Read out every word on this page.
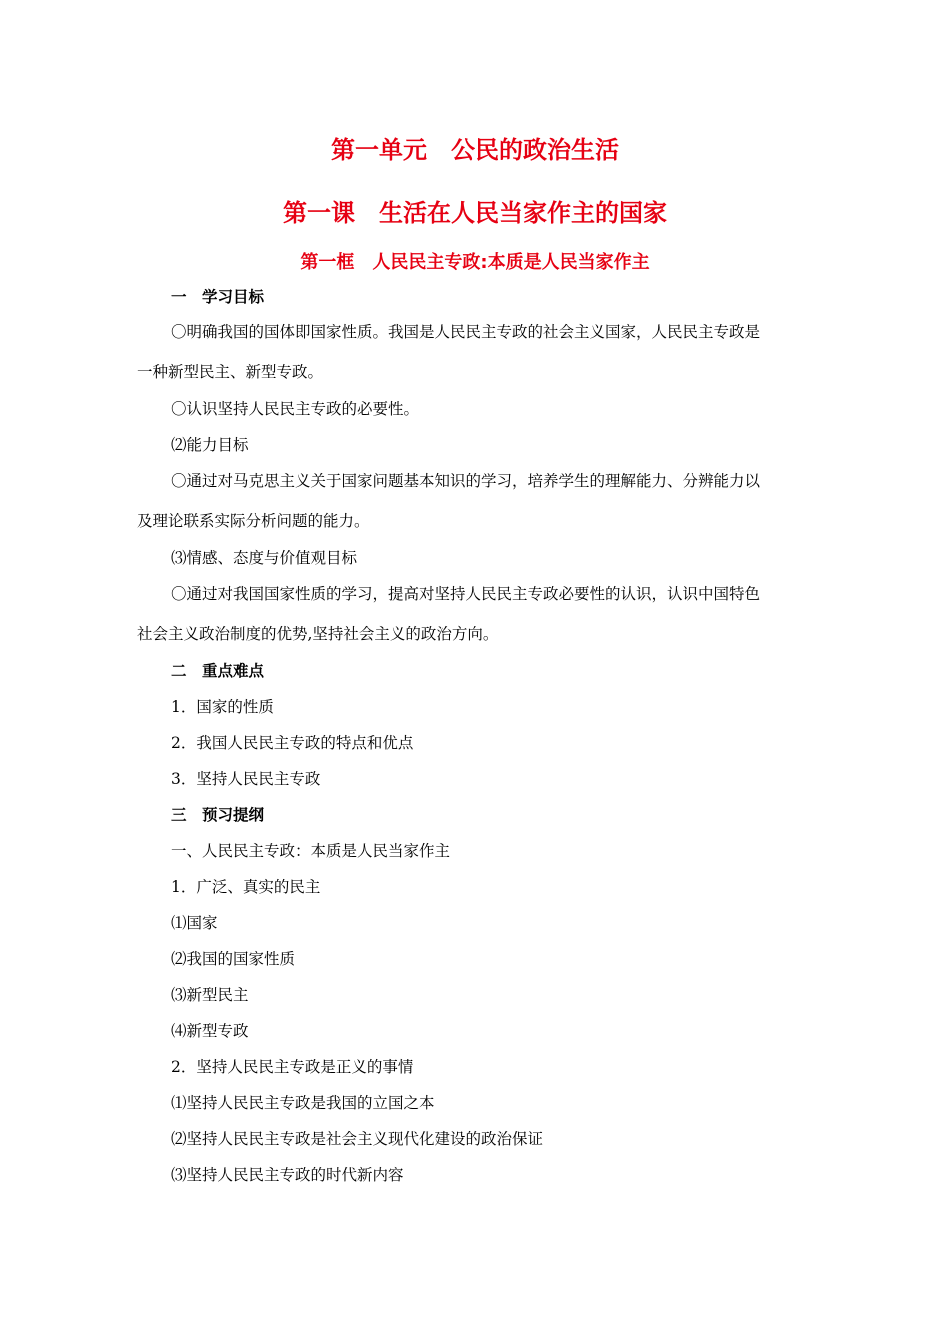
第一单元　公民的政治生活
第一课　生活在人民当家作主的国家
第一框　人民民主专政:本质是人民当家作主

一　学习目标

〇明确我国的国体即国家性质。我国是人民民主专政的社会主义国家，人民民主专政是

一种新型民主、新型专政。

〇认识坚持人民民主专政的必要性。

⑵能力目标

〇通过对马克思主义关于国家问题基本知识的学习，培养学生的理解能力、分辨能力以

及理论联系实际分析问题的能力。

⑶情感、态度与价值观目标

〇通过对我国国家性质的学习，提高对坚持人民民主专政必要性的认识，认识中国特色

社会主义政治制度的优势,坚持社会主义的政治方向。

二　重点难点

1．国家的性质

2．我国人民民主专政的特点和优点

3．坚持人民民主专政

三　预习提纲

一、人民民主专政：本质是人民当家作主

1．广泛、真实的民主

⑴国家

⑵我国的国家性质

⑶新型民主

⑷新型专政

2．坚持人民民主专政是正义的事情

⑴坚持人民民主专政是我国的立国之本

⑵坚持人民民主专政是社会主义现代化建设的政治保证

⑶坚持人民民主专政的时代新内容
